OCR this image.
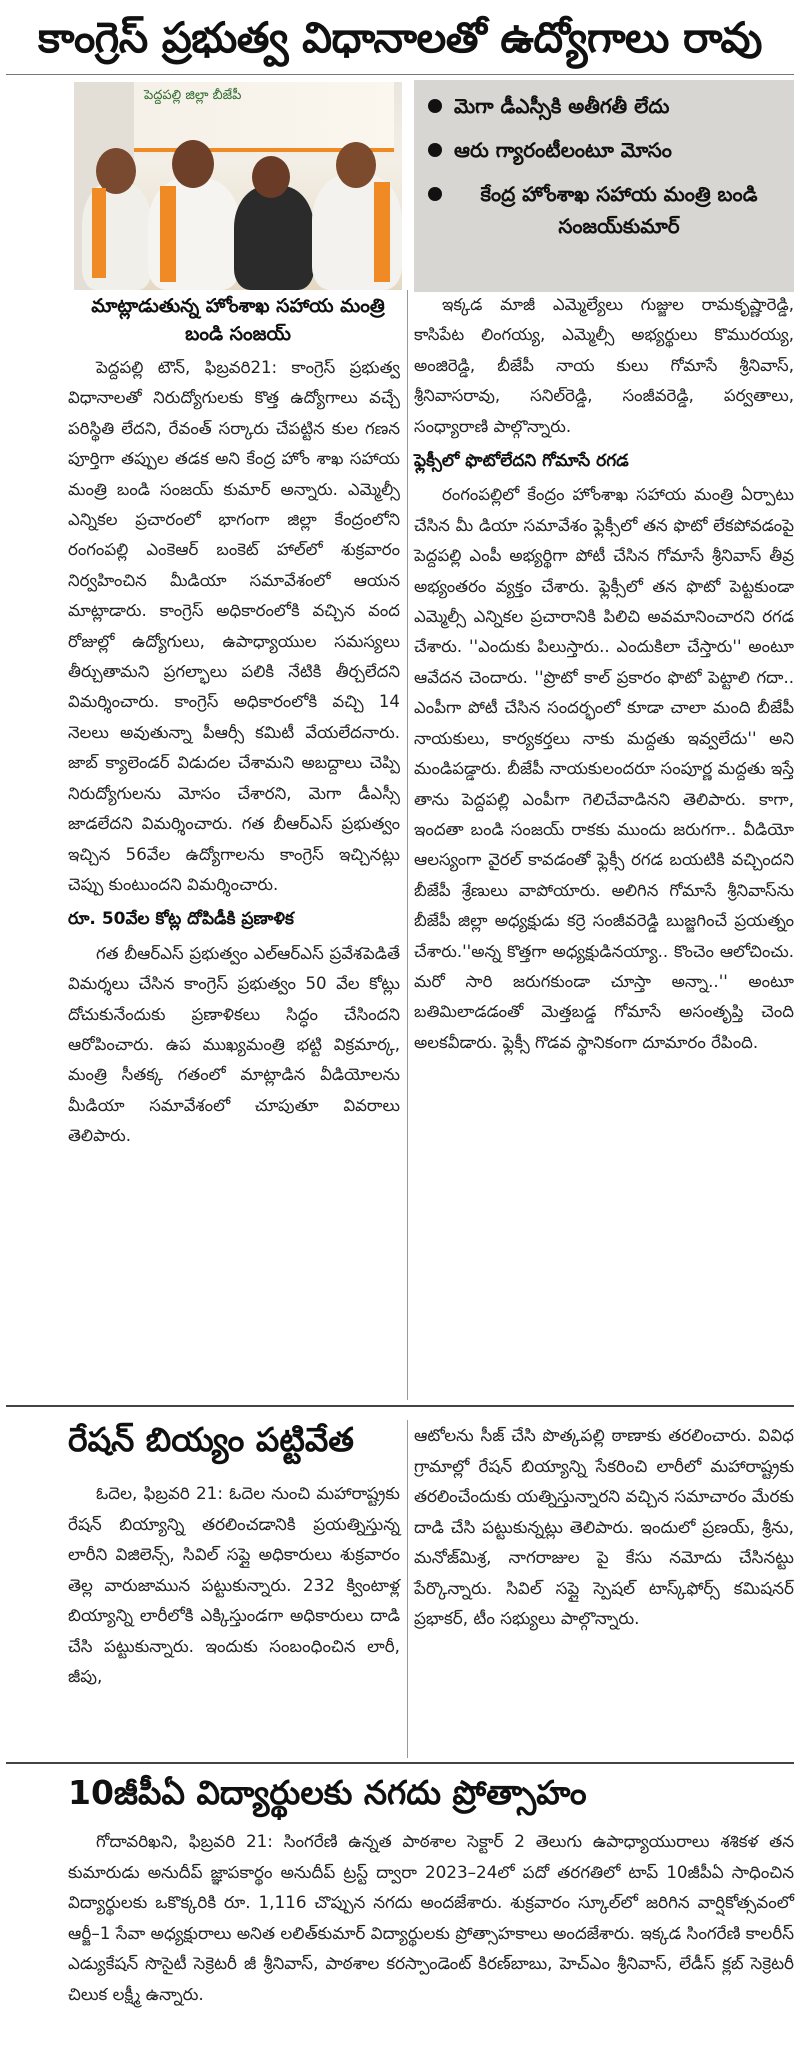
కాంగ్రెస్ ప్రభుత్వ విధానాలతో ఉద్యోగాలు రావు
పెద్దపల్లి జిల్లా బీజేపీ
మాట్లాడుతున్న హోంశాఖ సహాయ మంత్రి బండి సంజయ్
మెగా డీఎస్సీకి అతీగతీ లేదు
ఆరు గ్యారంటీలంటూ మోసం
కేంద్ర హోంశాఖ సహాయ మంత్రి బండి సంజయ్‌కుమార్

పెద్దపల్లి టౌన్, ఫిబ్రవరి21: కాంగ్రెస్ ప్రభుత్వ విధానాలతో నిరుద్యోగులకు కొత్త ఉద్యోగాలు వచ్చే పరిస్థితి లేదని, రేవంత్ సర్కారు చేపట్టిన కుల గణన పూర్తిగా తప్పుల తడక అని కేంద్ర హోం శాఖ సహాయ మంత్రి బండి సంజయ్ కుమార్ అన్నారు. ఎమ్మెల్సీ ఎన్నికల ప్రచారంలో భాగంగా జిల్లా కేంద్రంలోని రంగంపల్లి ఎంకెఆర్ బంకెట్ హాల్‌లో శుక్రవారం నిర్వహించిన మీడియా సమావేశంలో ఆయన మాట్లాడారు. కాంగ్రెస్ అధికారంలోకి వచ్చిన వంద రోజుల్లో ఉద్యోగులు, ఉపాధ్యాయుల సమస్యలు తీర్చుతామని ప్రగల్భాలు పలికి నేటికి తీర్చలేదని విమర్శించారు. కాంగ్రెస్ అధికారంలోకి వచ్చి 14 నెలలు అవుతున్నా పీఆర్సీ కమిటీ వేయలేదనారు. జాబ్ క్యాలెండర్ విడుదల చేశామని అబద్దాలు చెప్పి నిరుద్యోగులను మోసం చేశారని, మెగా డీఎస్సీ జాడలేదని విమర్శించారు. గత బీఆర్ఎస్ ప్రభుత్వం ఇచ్చిన 56వేల ఉద్యోగాలను కాంగ్రెస్ ఇచ్చినట్లు చెప్పు కుంటుందని విమర్శించారు.

రూ. 50వేల కోట్ల దోపిడీకి ప్రణాళిక

గత బీఆర్ఎస్ ప్రభుత్వం ఎల్ఆర్ఎస్ ప్రవేశపెడితే విమర్శలు చేసిన కాంగ్రెస్ ప్రభుత్వం 50 వేల కోట్లు దోచుకునేందుకు ప్రణాళికలు సిద్ధం చేసిందని ఆరోపించారు. ఉప ముఖ్యమంత్రి భట్టి విక్రమార్క, మంత్రి సీతక్క గతంలో మాట్లాడిన వీడియోలను మీడియా సమావేశంలో చూపుతూ వివరాలు తెలిపారు.

ఇక్కడ మాజీ ఎమ్మెల్యేలు గుజ్జుల రామకృష్ణారెడ్డి, కాసిపేట లింగయ్య, ఎమ్మెల్సీ అభ్యర్థులు కొమురయ్య, అంజిరెడ్డి, బీజేపీ నాయ కులు గోమాసే శ్రీనివాస్, శ్రీనివాసరావు, సనిల్‌రెడ్డి, సంజీవరెడ్డి, పర్వతాలు, సంధ్యారాణి పాల్గొన్నారు.

ఫ్లెక్సీలో ఫొటోలేదని గోమాసే రగడ

రంగంపల్లిలో కేంద్రం హోంశాఖ సహాయ మంత్రి ఏర్పాటు చేసిన మీ డియా సమావేశం ఫ్లెక్సీలో తన ఫొటో లేకపోవడంపై పెద్దపల్లి ఎంపీ అభ్యర్థిగా పోటీ చేసిన గోమాసే శ్రీనివాస్ తీవ్ర అభ్యంతరం వ్యక్తం చేశారు. ఫ్లెక్సీలో తన ఫొటో పెట్టకుండా ఎమ్మెల్సీ ఎన్నికల ప్రచారానికి పిలిచి అవమానించారని రగడ చేశారు. ''ఎందుకు పిలుస్తారు.. ఎందుకిలా చేస్తారు'' అంటూ ఆవేదన చెందారు. ''ప్రొటో కాల్ ప్రకారం ఫొటో పెట్టాలి గదా.. ఎంపీగా పోటీ చేసిన సందర్భంలో కూడా చాలా మంది బీజేపీ నాయకులు, కార్యకర్తలు నాకు మద్దతు ఇవ్వలేదు'' అని మండిపడ్డారు. బీజేపీ నాయకులందరూ సంపూర్ణ మద్దతు ఇస్తే తాను పెద్దపల్లి ఎంపీగా గెలిచేవాడినని తెలిపారు. కాగా, ఇందతా బండి సంజయ్ రాకకు ముందు జరుగగా.. వీడియో ఆలస్యంగా వైరల్ కావడంతో ఫ్లెక్సీ రగడ బయటికి వచ్చిందని బీజేపీ శ్రేణులు వాపోయారు. అలిగిన గోమాసే శ్రీనివాస్‌ను బీజేపీ జిల్లా అధ్యక్షుడు కర్రె సంజీవరెడ్డి బుజ్జగించే ప్రయత్నం చేశారు.''అన్న కొత్తగా అధ్యక్షుడినయ్యా.. కొంచెం ఆలోచించు. మరో సారి జరుగకుండా చూస్తా అన్నా..'' అంటూ బతిమిలాడడంతో మెత్తబడ్డ గోమాసే అసంతృప్తి చెంది అలకవీడారు. ఫ్లెక్సీ గొడవ స్థానికంగా దూమారం రేపింది.

రేషన్ బియ్యం పట్టివేత

ఓదెల, ఫిబ్రవరి 21: ఓదెల నుంచి మహారాష్ట్రకు రేషన్ బియ్యాన్ని తరలించడానికి ప్రయత్నిస్తున్న లారీని విజిలెన్స్, సివిల్ సప్లై అధికారులు శుక్రవారం తెల్ల వారుజామున పట్టుకున్నారు. 232 క్వింటాళ్ల బియ్యాన్ని లారీలోకి ఎక్కిస్తుండగా అధికారులు దాడి చేసి పట్టుకున్నారు. ఇందుకు సంబంధించిన లారీ, జీపు,

ఆటోలను సీజ్ చేసి పొత్కపల్లి ఠాణాకు తరలించారు. వివిధ గ్రామాల్లో రేషన్ బియ్యాన్ని సేకరించి లారీలో మహారాష్ట్రకు తరలించేందుకు యత్నిస్తున్నారని వచ్చిన సమాచారం మేరకు దాడి చేసి పట్టుకున్నట్లు తెలిపారు. ఇందులో ప్రణయ్, శ్రీను, మనోజ్‌మిశ్ర, నాగరాజుల పై కేసు నమోదు చేసినట్టు పేర్కొన్నారు. సివిల్ సప్లై స్పెషల్ టాస్క్‌ఫోర్స్ కమిషనర్ ప్రభాకర్, టీం సభ్యులు పాల్గొన్నారు.

10జీపీఏ విద్యార్థులకు నగదు ప్రోత్సాహం

గోదావరిఖని, ఫిబ్రవరి 21: సింగరేణి ఉన్నత పాఠశాల సెక్టార్ 2 తెలుగు ఉపాధ్యాయురాలు శశికళ తన కుమారుడు అనుదీప్ జ్ఞాపకార్థం అనుదీప్ ట్రస్ట్ ద్వారా 2023–24లో పదో తరగతిలో టాప్ 10జీపీఏ సాధించిన విద్యార్థులకు ఒకొక్కరికి రూ. 1,116 చొప్పున నగదు అందజేశారు. శుక్రవారం స్కూల్‌లో జరిగిన వార్షికోత్సవంలో ఆర్జీ–1 సేవా అధ్యక్షురాలు అనిత లలిత్‌కుమార్ విద్యార్థులకు ప్రోత్సాహకాలు అందజేశారు. ఇక్కడ సింగరేణి కాలరీస్ ఎడ్యుకేషన్ సొసైటీ సెక్రెటరీ జీ శ్రీనివాస్, పాఠశాల కరస్పాండెంట్ కిరణ్‌బాబు, హెచ్ఎం శ్రీనివాస్, లేడీస్ క్లబ్ సెక్రెటరీ చిలుక లక్ష్మీ ఉన్నారు.
